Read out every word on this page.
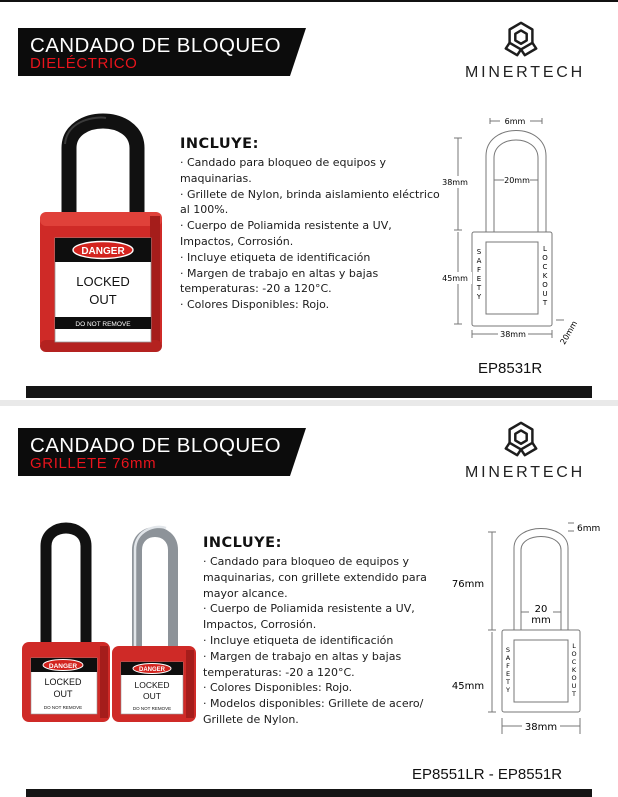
CANDADO DE BLOQUEO
DIELÉCTRICO
MINERTECH
DANGER
LOCKED
OUT
DO NOT REMOVE
INCLUYE:
· Candado para bloqueo de equipos y maquinarias.
· Grillete de Nylon, brinda aislamiento eléctrico al 100%.
· Cuerpo de Poliamida resistente a UV, Impactos, Corrosión.
· Incluye etiqueta de identificación
· Margen de trabajo en altas y bajas temperaturas: -20 a 120°C.
· Colores Disponibles: Rojo.
6mm
38mm	20mm
45mm
38mm	20mm
S
A
F
E
T
Y
L
O
C
K
O
U
T
EP8531R
CANDADO DE BLOQUEO
GRILLETE 76mm
MINERTECH
DANGER
LOCKED
OUT
DO NOT REMOVE
DANGER
LOCKED
OUT
DO NOT REMOVE
INCLUYE:
· Candado para bloqueo de equipos y maquinarias, con grillete extendido para mayor alcance.
· Cuerpo de Poliamida resistente a UV, Impactos, Corrosión.
· Incluye etiqueta de identificación
· Margen de trabajo en altas y bajas temperaturas: -20 a 120°C.
· Colores Disponibles: Rojo.
· Modelos disponibles: Grillete de acero/ Grillete de Nylon.
6mm
76mm
20
mm
45mm
38mm
S
A
F
E
T
Y
L
O
C
K
O
U
T
EP8551LR - EP8551R
